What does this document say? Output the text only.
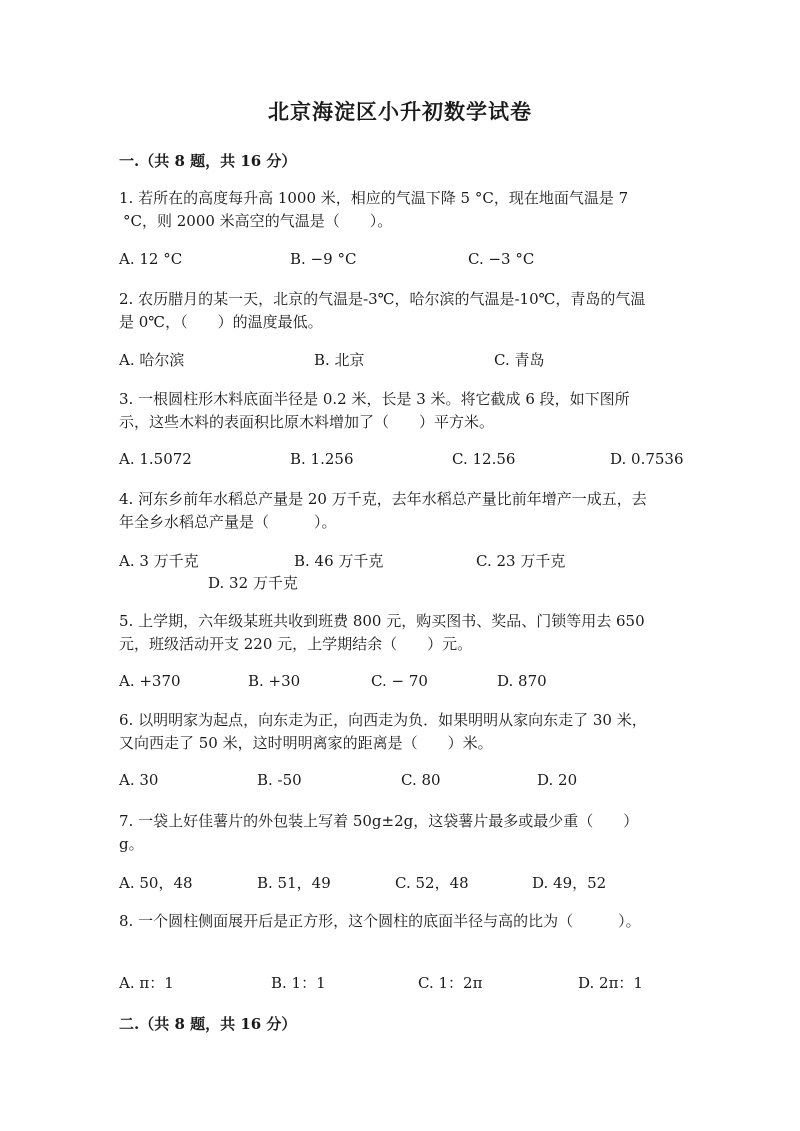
北京海淀区小升初数学试卷
一.（共 8 题，共 16 分）
1. 若所在的高度每升高 1000 米，相应的气温下降 5 °C，现在地面气温是 7
°C，则 2000 米高空的气温是（　　）。
A. 12 °C	B. −9 °C	C. −3 °C
2. 农历腊月的某一天，北京的气温是-3℃，哈尔滨的气温是-10℃，青岛的气温
是 0℃，（　　）的温度最低。
A. 哈尔滨	B. 北京	C. 青岛
3. 一根圆柱形木料底面半径是 0.2 米，长是 3 米。将它截成 6 段，如下图所
示，这些木料的表面积比原木料增加了（　　）平方米。
A. 1.5072	B. 1.256	C. 12.56	D. 0.7536
4. 河东乡前年水稻总产量是 20 万千克，去年水稻总产量比前年增产一成五，去
年全乡水稻总产量是（　　　）。
A. 3 万千克	B. 46 万千克	C. 23 万千克
D. 32 万千克
5. 上学期，六年级某班共收到班费 800 元，购买图书、奖品、门锁等用去 650
元，班级活动开支 220 元，上学期结余（　　）元。
A. +370	B. +30	C. − 70	D. 870
6. 以明明家为起点，向东走为正，向西走为负．如果明明从家向东走了 30 米，
又向西走了 50 米，这时明明离家的距离是（　　）米。
A. 30	B. -50	C. 80	D. 20
7. 一袋上好佳薯片的外包装上写着 50g±2g，这袋薯片最多或最少重（　　）
g。
A. 50，48	B. 51，49	C. 52，48	D. 49，52
8. 一个圆柱侧面展开后是正方形，这个圆柱的底面半径与高的比为（　　　）。
A. π：1	B. 1：1	C. 1：2π	D. 2π：1
二.（共 8 题，共 16 分）
